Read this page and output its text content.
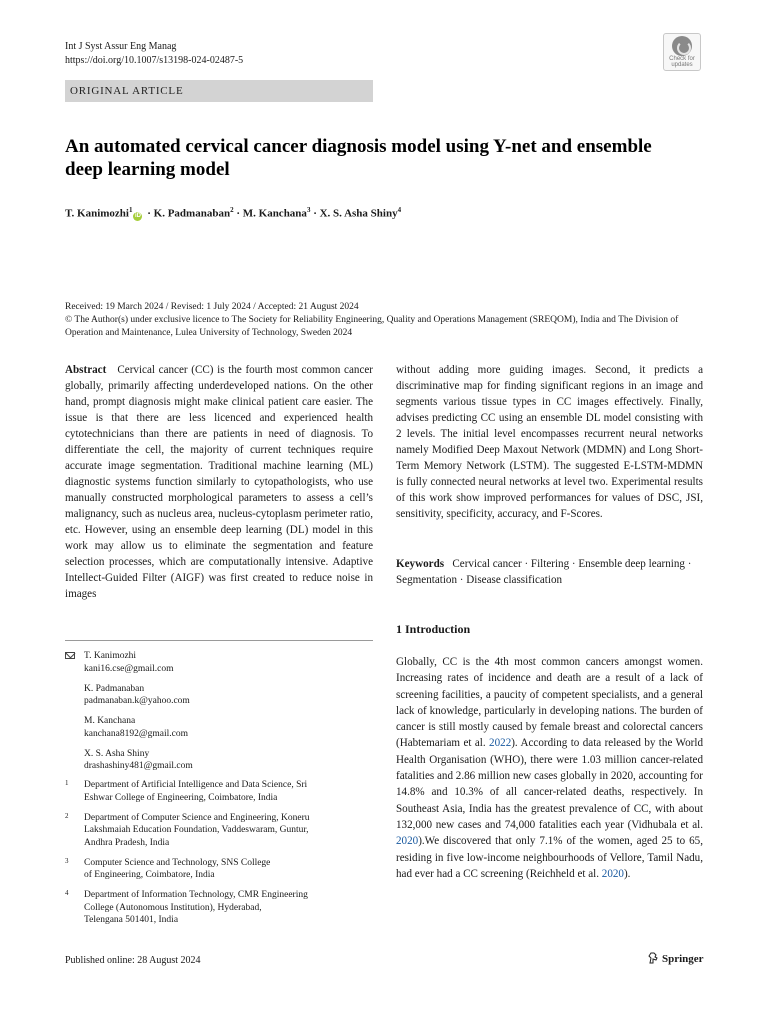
Int J Syst Assur Eng Manag
https://doi.org/10.1007/s13198-024-02487-5	Check for
updates
ORIGINAL ARTICLE
An automated cervical cancer diagnosis model using Y-net and ensemble deep learning model
T. Kanimozhi$^1$iD · K. Padmanaban$^2$ · M. Kanchana$^3$ · X. S. Asha Shiny$^4$
Received: 19 March 2024 / Revised: 1 July 2024 / Accepted: 21 August 2024
© The Author(s) under exclusive licence to The Society for Reliability Engineering, Quality and Operations Management (SREQOM), India and The Division of Operation and Maintenance, Lulea University of Technology, Sweden 2024
Abstract Cervical cancer (CC) is the fourth most common cancer globally, primarily affecting underdeveloped nations. On the other hand, prompt diagnosis might make clinical patient care easier. The issue is that there are less licenced and experienced health cytotechnicians than there are patients in need of diagnosis. To differentiate the cell, the majority of current techniques require accurate image segmentation. Traditional machine learning (ML) diagnostic systems function similarly to cytopathologists, who use manually constructed morphological parameters to assess a cell’s malignancy, such as nucleus area, nucleus-cytoplasm perimeter ratio, etc. However, using an ensemble deep learning (DL) model in this work may allow us to eliminate the segmentation and feature selection processes, which are computationally intensive. Adaptive Intellect-Guided Filter (AIGF) was first created to reduce noise in images
without adding more guiding images. Second, it predicts a discriminative map for finding significant regions in an image and segments various tissue types in CC images effectively. Finally, advises predicting CC using an ensemble DL model consisting with 2 levels. The initial level encompasses recurrent neural networks namely Modified Deep Maxout Network (MDMN) and Long Short-Term Memory Network (LSTM). The suggested E-LSTM-MDMN is fully connected neural networks at level two. Experimental results of this work show improved performances for values of DSC, JSI, sensitivity, specificity, accuracy, and F-Scores.
Keywords Cervical cancer · Filtering · Ensemble deep learning · Segmentation · Disease classification
1 Introduction
Globally, CC is the 4th most common cancers amongst women. Increasing rates of incidence and death are a result of a lack of screening facilities, a paucity of competent specialists, and a general lack of knowledge, particularly in developing nations. The burden of cancer is still mostly caused by female breast and colorectal cancers (Habtemariam et al. 2022). According to data released by the World Health Organisation (WHO), there were 1.03 million cancer-related fatalities and 2.86 million new cases globally in 2020, accounting for 14.8% and 10.3% of all cancer-related deaths, respectively. In Southeast Asia, India has the greatest prevalence of CC, with about 132,000 new cases and 74,000 fatalities each year (Vidhubala et al. 2020).We discovered that only 7.1% of the women, aged 25 to 65, residing in five low-income neighbourhoods of Vellore, Tamil Nadu, had ever had a CC screening (Reichheld et al. 2020).
T. Kanimozhi
kani16.cse@gmail.com
K. Padmanaban
padmanaban.k@yahoo.com
M. Kanchana
kanchana8192@gmail.com
X. S. Asha Shiny
drashashiny481@gmail.com
1 Department of Artificial Intelligence and Data Science, Sri
Eshwar College of Engineering, Coimbatore, India
2 Department of Computer Science and Engineering, Koneru
Lakshmaiah Education Foundation, Vaddeswaram, Guntur,
Andhra Pradesh, India
3 Computer Science and Technology, SNS College
of Engineering, Coimbatore, India
4 Department of Information Technology, CMR Engineering
College (Autonomous Institution), Hyderabad,
Telengana 501401, India
Published online: 28 August 2024	Springer
